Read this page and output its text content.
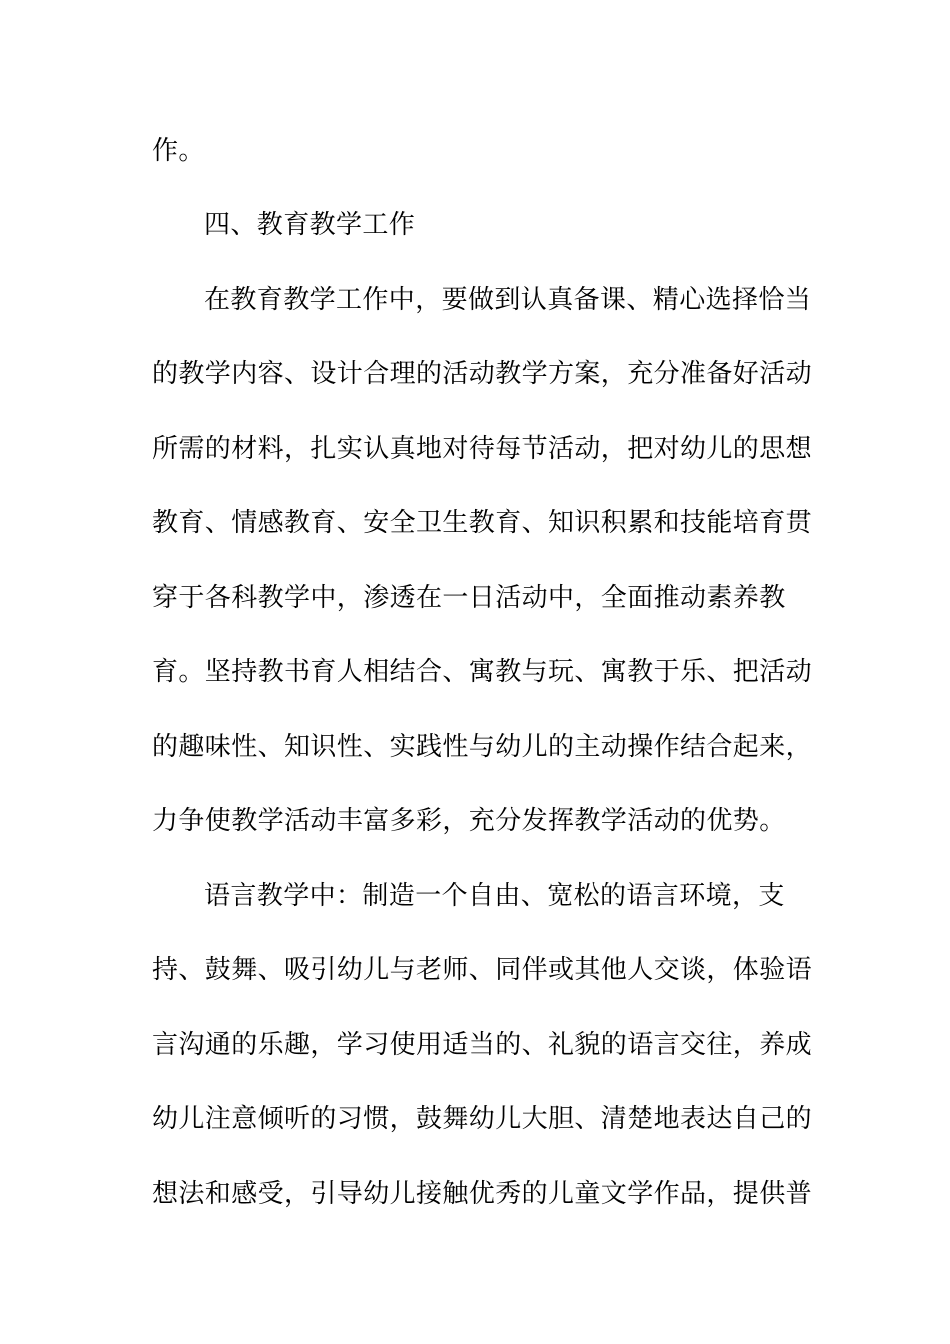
作。
四、教育教学工作
在教育教学工作中，要做到认真备课、精心选择恰当
的教学内容、设计合理的活动教学方案，充分准备好活动
所需的材料，扎实认真地对待每节活动，把对幼儿的思想
教育、情感教育、安全卫生教育、知识积累和技能培育贯
穿于各科教学中，渗透在一日活动中，全面推动素养教
育。坚持教书育人相结合、寓教与玩、寓教于乐、把活动
的趣味性、知识性、实践性与幼儿的主动操作结合起来，
力争使教学活动丰富多彩，充分发挥教学活动的优势。
语言教学中：制造一个自由、宽松的语言环境，支
持、鼓舞、吸引幼儿与老师、同伴或其他人交谈，体验语
言沟通的乐趣，学习使用适当的、礼貌的语言交往，养成
幼儿注意倾听的习惯，鼓舞幼儿大胆、清楚地表达自己的
想法和感受，引导幼儿接触优秀的儿童文学作品，提供普
